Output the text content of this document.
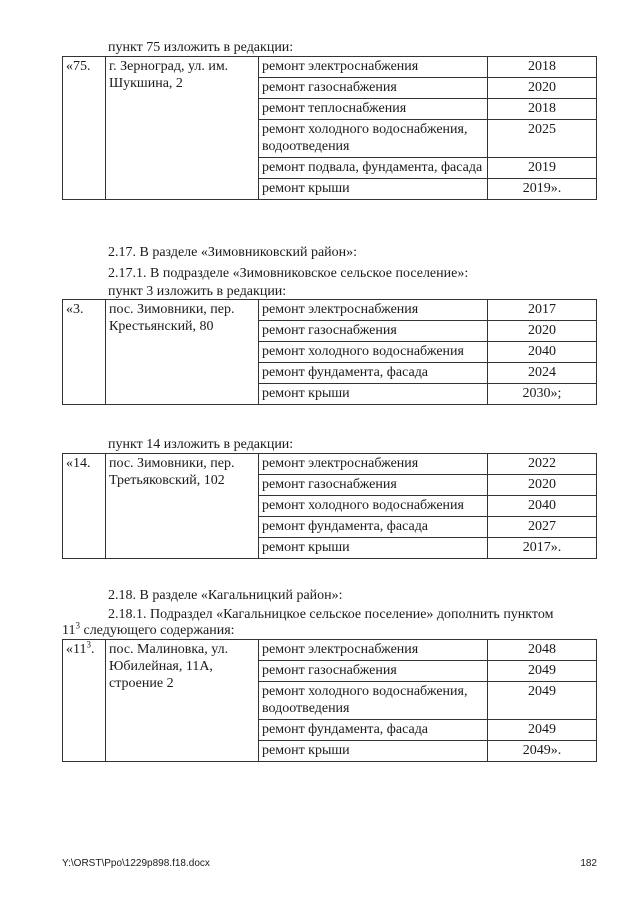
пункт 75 изложить в редакции:
«75.	г. Зерноград, ул. им. Шукшина, 2	ремонт электроснабжения	2018
		ремонт газоснабжения	2020
		ремонт теплоснабжения	2018
		ремонт холодного водоснабжения, водоотведения	2025
		ремонт подвала, фундамента, фасада	2019
		ремонт крыши	2019».
2.17. В разделе «Зимовниковский район»:
2.17.1. В подразделе «Зимовниковское сельское поселение»:
пункт 3 изложить в редакции:
«3.	пос. Зимовники, пер. Крестьянский, 80	ремонт электроснабжения	2017
		ремонт газоснабжения	2020
		ремонт холодного водоснабжения	2040
		ремонт фундамента, фасада	2024
		ремонт крыши	2030»;
пункт 14 изложить в редакции:
«14.	пос. Зимовники, пер. Третьяковский, 102	ремонт электроснабжения	2022
		ремонт газоснабжения	2020
		ремонт холодного водоснабжения	2040
		ремонт фундамента, фасада	2027
		ремонт крыши	2017».
2.18. В разделе «Кагальницкий район»:
2.18.1. Подраздел «Кагальницкое сельское поселение» дополнить пунктом
$11^3$ следующего содержания:
«$11^3$.	пос. Малиновка, ул. Юбилейная, 11А, строение 2	ремонт электроснабжения	2048
		ремонт газоснабжения	2049
		ремонт холодного водоснабжения, водоотведения	2049
		ремонт фундамента, фасада	2049
		ремонт крыши	2049».
Y:\ORST\Ppo\1229p898.f18.docx	182
